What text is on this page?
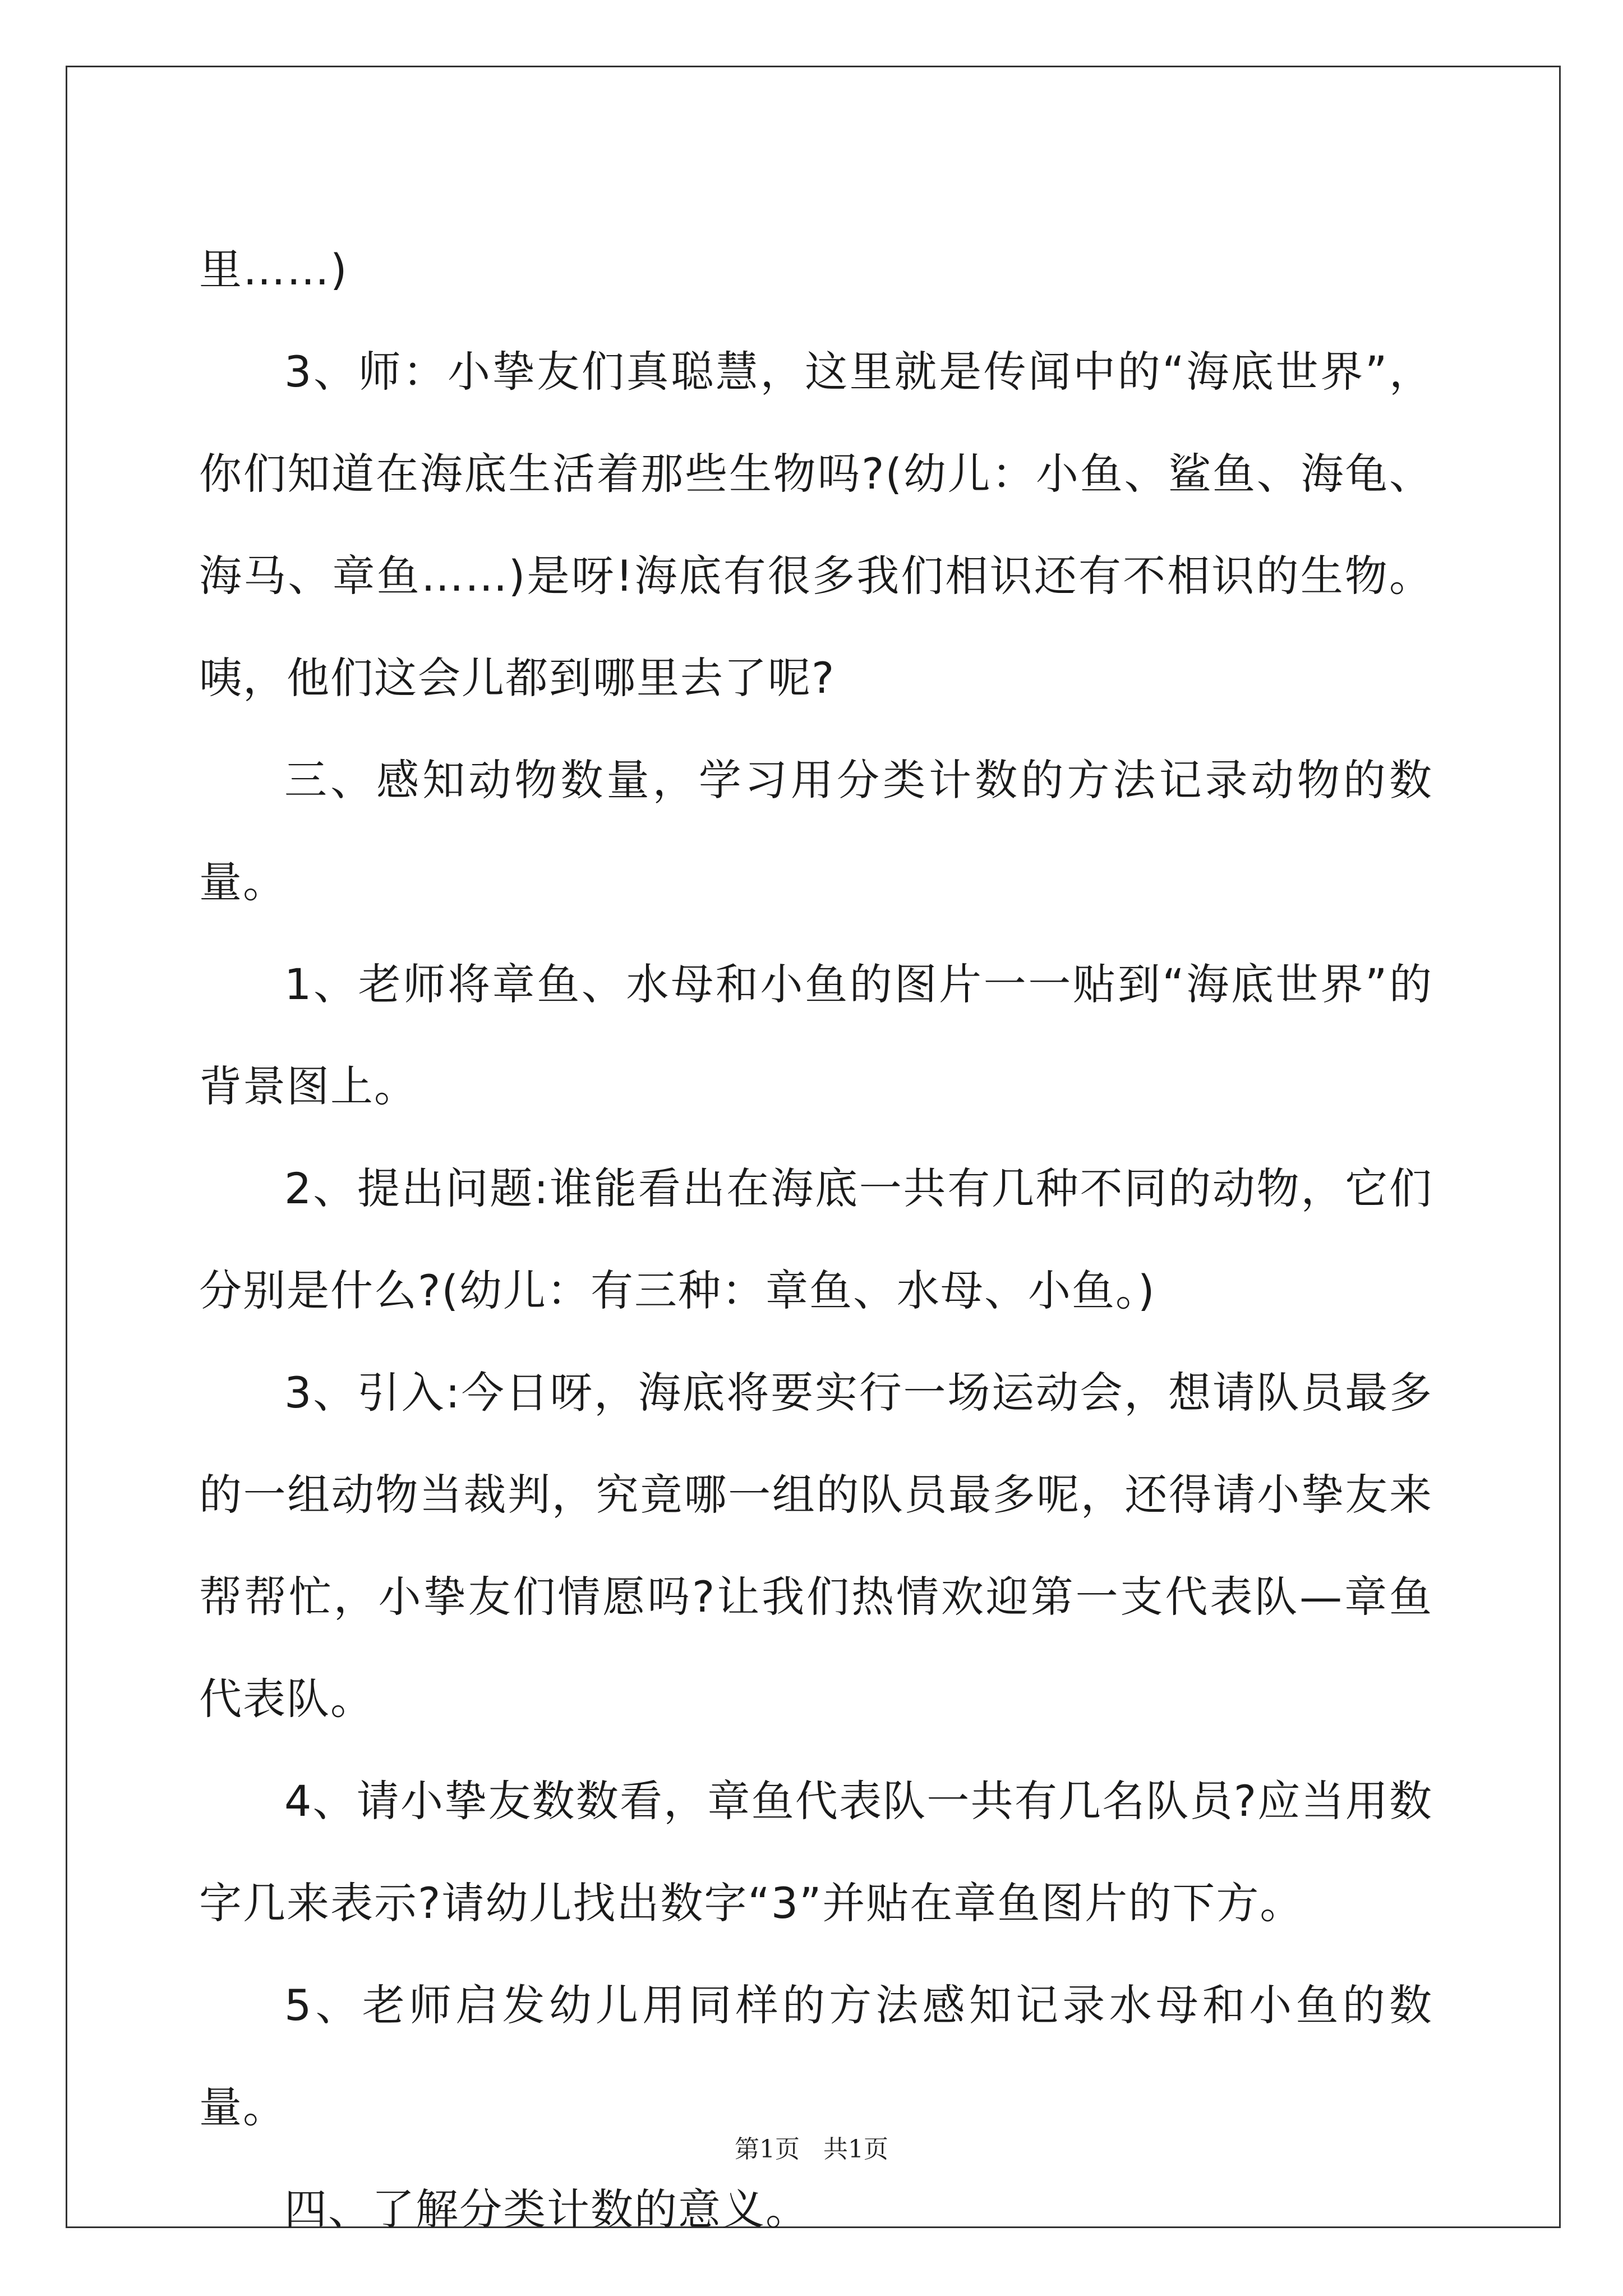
里……)

3、师：小挚友们真聪慧，这里就是传闻中的“海底世界”，你们知道在海底生活着那些生物吗?(幼儿：小鱼、鲨鱼、海龟、海马、章鱼……)是呀!海底有很多我们相识还有不相识的生物。咦，他们这会儿都到哪里去了呢?

三、感知动物数量，学习用分类计数的方法记录动物的数量。

1、老师将章鱼、水母和小鱼的图片一一贴到“海底世界”的背景图上。

2、提出问题:谁能看出在海底一共有几种不同的动物，它们分别是什么?(幼儿：有三种：章鱼、水母、小鱼。)

3、引入:今日呀，海底将要实行一场运动会，想请队员最多的一组动物当裁判，究竟哪一组的队员最多呢，还得请小挚友来帮帮忙，小挚友们情愿吗?让我们热情欢迎第一支代表队—章鱼代表队。

4、请小挚友数数看，章鱼代表队一共有几名队员?应当用数字几来表示?请幼儿找出数字“3”并贴在章鱼图片的下方。

5、老师启发幼儿用同样的方法感知记录水母和小鱼的数量。

四、了解分类计数的意义。

第1页 共1页
